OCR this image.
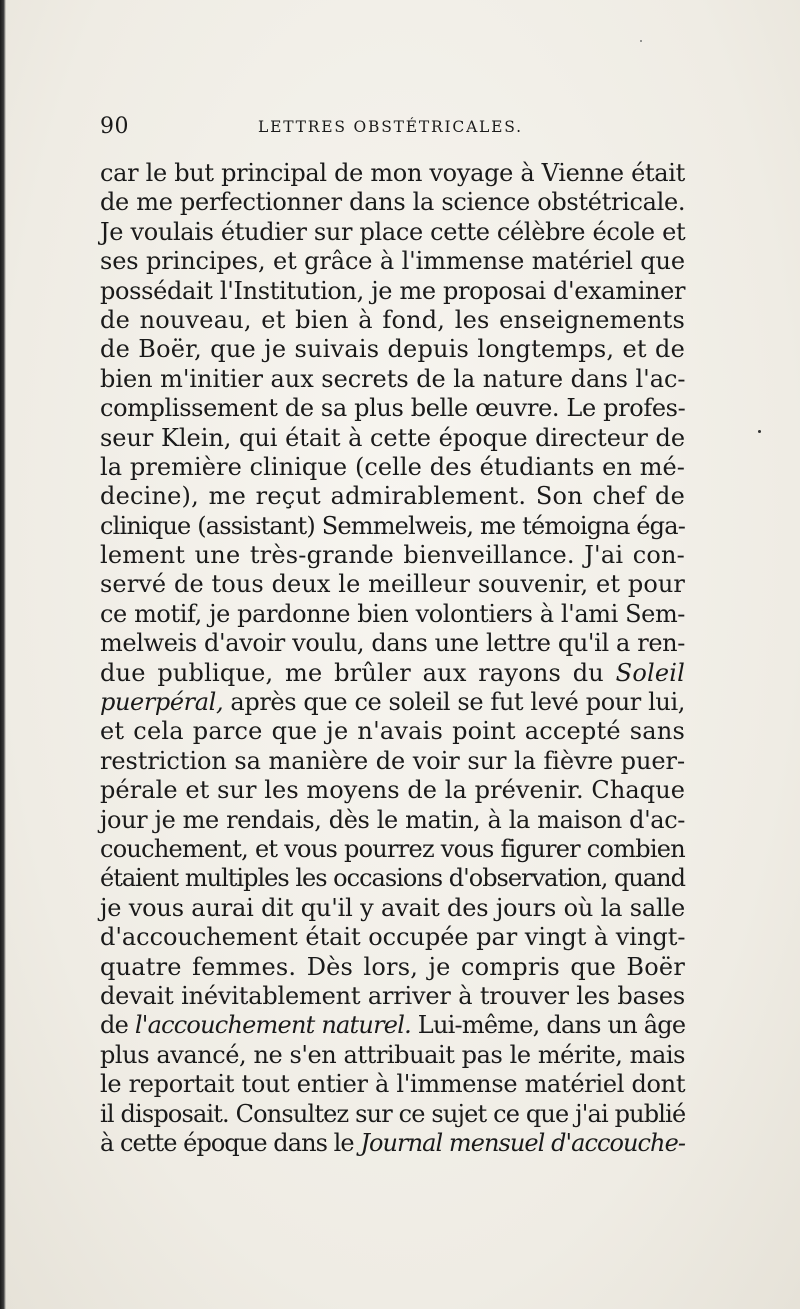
90	LETTRES OBSTÉTRICALES.
car le but principal de mon voyage à Vienne était
de me perfectionner dans la science obstétricale.
Je voulais étudier sur place cette célèbre école et
ses principes, et grâce à l'immense matériel que
possédait l'Institution, je me proposai d'examiner
de nouveau, et bien à fond, les enseignements
de Boër, que je suivais depuis longtemps, et de
bien m'initier aux secrets de la nature dans l'ac-
complissement de sa plus belle œuvre. Le profes-
seur Klein, qui était à cette époque directeur de
la première clinique (celle des étudiants en mé-
decine), me reçut admirablement. Son chef de
clinique (assistant) Semmelweis, me témoigna éga-
lement une très-grande bienveillance. J'ai con-
servé de tous deux le meilleur souvenir, et pour
ce motif, je pardonne bien volontiers à l'ami Sem-
melweis d'avoir voulu, dans une lettre qu'il a ren-
due publique, me brûler aux rayons du Soleil
puerpéral, après que ce soleil se fut levé pour lui,
et cela parce que je n'avais point accepté sans
restriction sa manière de voir sur la fièvre puer-
pérale et sur les moyens de la prévenir. Chaque
jour je me rendais, dès le matin, à la maison d'ac-
couchement, et vous pourrez vous figurer combien
étaient multiples les occasions d'observation, quand
je vous aurai dit qu'il y avait des jours où la salle
d'accouchement était occupée par vingt à vingt-
quatre femmes. Dès lors, je compris que Boër
devait inévitablement arriver à trouver les bases
de l'accouchement naturel. Lui-même, dans un âge
plus avancé, ne s'en attribuait pas le mérite, mais
le reportait tout entier à l'immense matériel dont
il disposait. Consultez sur ce sujet ce que j'ai publié
à cette époque dans le Journal mensuel d'accouche-
